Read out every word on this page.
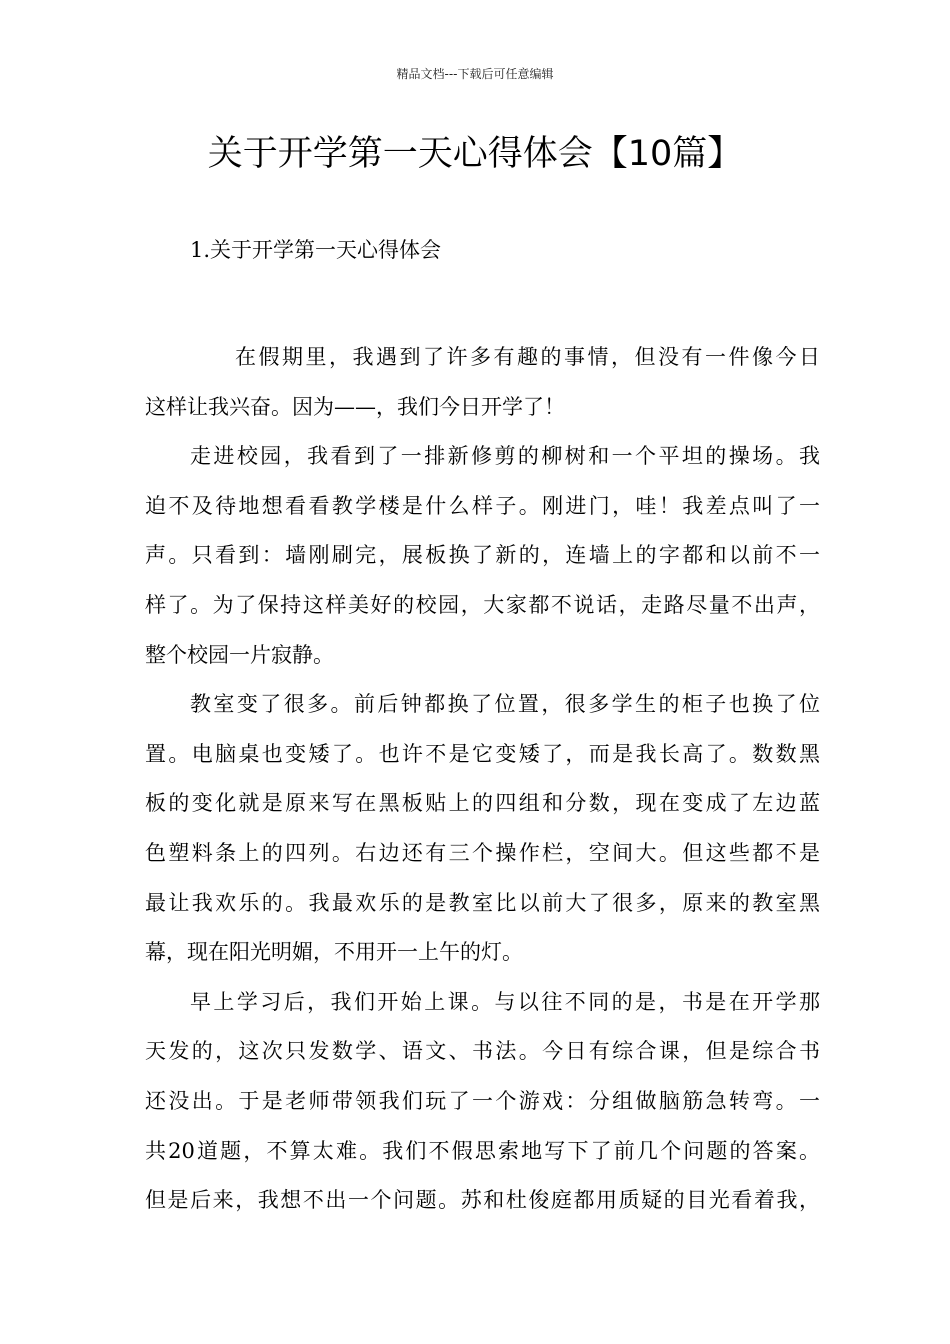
精品文档---下载后可任意编辑
关于开学第一天心得体会【10篇】
1.关于开学第一天心得体会
在假期里，我遇到了许多有趣的事情，但没有一件像今日
这样让我兴奋。因为——，我们今日开学了！
走进校园，我看到了一排新修剪的柳树和一个平坦的操场。我
迫不及待地想看看教学楼是什么样子。刚进门，哇！我差点叫了一
声。只看到：墙刚刷完，展板换了新的，连墙上的字都和以前不一
样了。为了保持这样美好的校园，大家都不说话，走路尽量不出声，
整个校园一片寂静。
教室变了很多。前后钟都换了位置，很多学生的柜子也换了位
置。电脑桌也变矮了。也许不是它变矮了，而是我长高了。数数黑
板的变化就是原来写在黑板贴上的四组和分数，现在变成了左边蓝
色塑料条上的四列。右边还有三个操作栏，空间大。但这些都不是
最让我欢乐的。我最欢乐的是教室比以前大了很多，原来的教室黑
幕，现在阳光明媚，不用开一上午的灯。
早上学习后，我们开始上课。与以往不同的是，书是在开学那
天发的，这次只发数学、语文、书法。今日有综合课，但是综合书
还没出。于是老师带领我们玩了一个游戏：分组做脑筋急转弯。一
共20道题，不算太难。我们不假思索地写下了前几个问题的答案。
但是后来，我想不出一个问题。苏和杜俊庭都用质疑的目光看着我，
